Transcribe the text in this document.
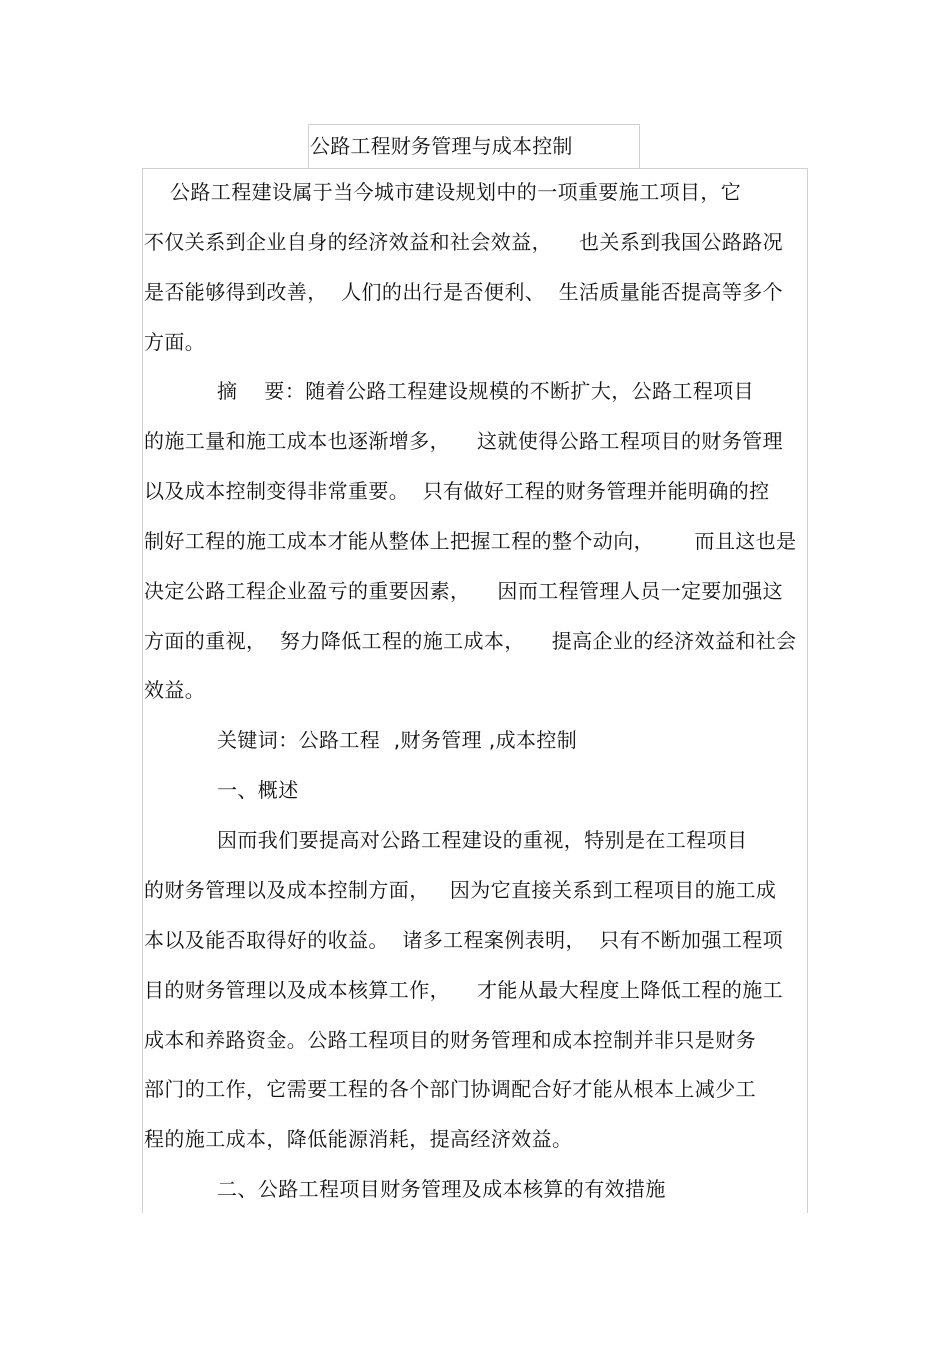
公路工程财务管理与成本控制
公路工程建设属于当今城市建设规划中的一项重要施工项目，它
不仅关系到企业自身的经济效益和社会效益，    也关系到我国公路路况
是否能够得到改善，  人们的出行是否便利、  生活质量能否提高等多个
方面。
摘    要：随着公路工程建设规模的不断扩大，公路工程项目
的施工量和施工成本也逐渐增多，    这就使得公路工程项目的财务管理
以及成本控制变得非常重要。  只有做好工程的财务管理并能明确的控
制好工程的施工成本才能从整体上把握工程的整个动向，      而且这也是
决定公路工程企业盈亏的重要因素，    因而工程管理人员一定要加强这
方面的重视，  努力降低工程的施工成本，    提高企业的经济效益和社会
效益。
关键词：公路工程  ,财务管理 ,成本控制
一、概述
因而我们要提高对公路工程建设的重视，特别是在工程项目
的财务管理以及成本控制方面，   因为它直接关系到工程项目的施工成
本以及能否取得好的收益。  诸多工程案例表明，  只有不断加强工程项
目的财务管理以及成本核算工作，    才能从最大程度上降低工程的施工
成本和养路资金。公路工程项目的财务管理和成本控制并非只是财务
部门的工作，它需要工程的各个部门协调配合好才能从根本上减少工
程的施工成本，降低能源消耗，提高经济效益。
二、公路工程项目财务管理及成本核算的有效措施
